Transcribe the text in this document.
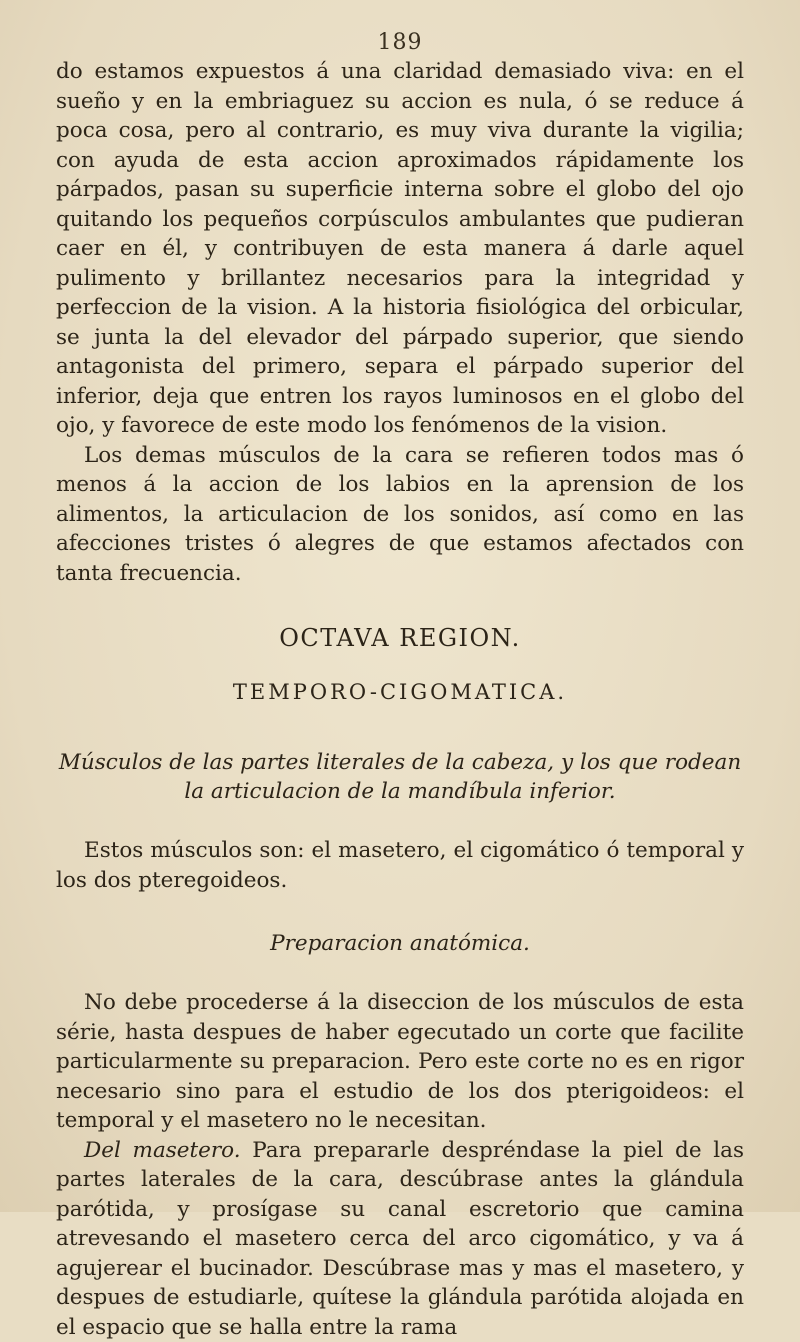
189

do estamos expuestos á una claridad demasiado viva: en el sueño y en la embriaguez su accion es nula, ó se reduce á poca cosa, pero al contrario, es muy viva durante la vigilia; con ayuda de esta accion aproximados rápidamente los párpados, pasan su superficie interna sobre el globo del ojo quitando los pequeños corpúsculos ambulantes que pudieran caer en él, y contribuyen de esta manera á darle aquel pulimento y brillantez necesarios para la integridad y perfeccion de la vision. A la historia fisiológica del orbicular, se junta la del elevador del párpado superior, que siendo antagonista del primero, separa el párpado superior del inferior, deja que entren los rayos luminosos en el globo del ojo, y favorece de este modo los fenómenos de la vision.

Los demas músculos de la cara se refieren todos mas ó menos á la accion de los labios en la aprension de los alimentos, la articulacion de los sonidos, así como en las afecciones tristes ó alegres de que estamos afectados con tanta frecuencia.

OCTAVA REGION.
TEMPORO-CIGOMATICA.
Músculos de las partes literales de la cabeza, y los que rodean la articulacion de la mandíbula inferior.

Estos músculos son: el masetero, el cigomático ó temporal y los dos pteregoideos.

Preparacion anatómica.

No debe procederse á la diseccion de los músculos de esta série, hasta despues de haber egecutado un corte que facilite particularmente su preparacion. Pero este corte no es en rigor necesario sino para el estudio de los dos pterigoideos: el temporal y el masetero no le necesitan.

Del masetero. Para prepararle despréndase la piel de las partes laterales de la cara, descúbrase antes la glándula parótida, y prosígase su canal escretorio que camina atrevesando el masetero cerca del arco cigomático, y va á agujerear el bucinador. Descúbrase mas y mas el masetero, y despues de estudiarle, quítese la glándula parótida alojada en el espacio que se halla entre la rama
